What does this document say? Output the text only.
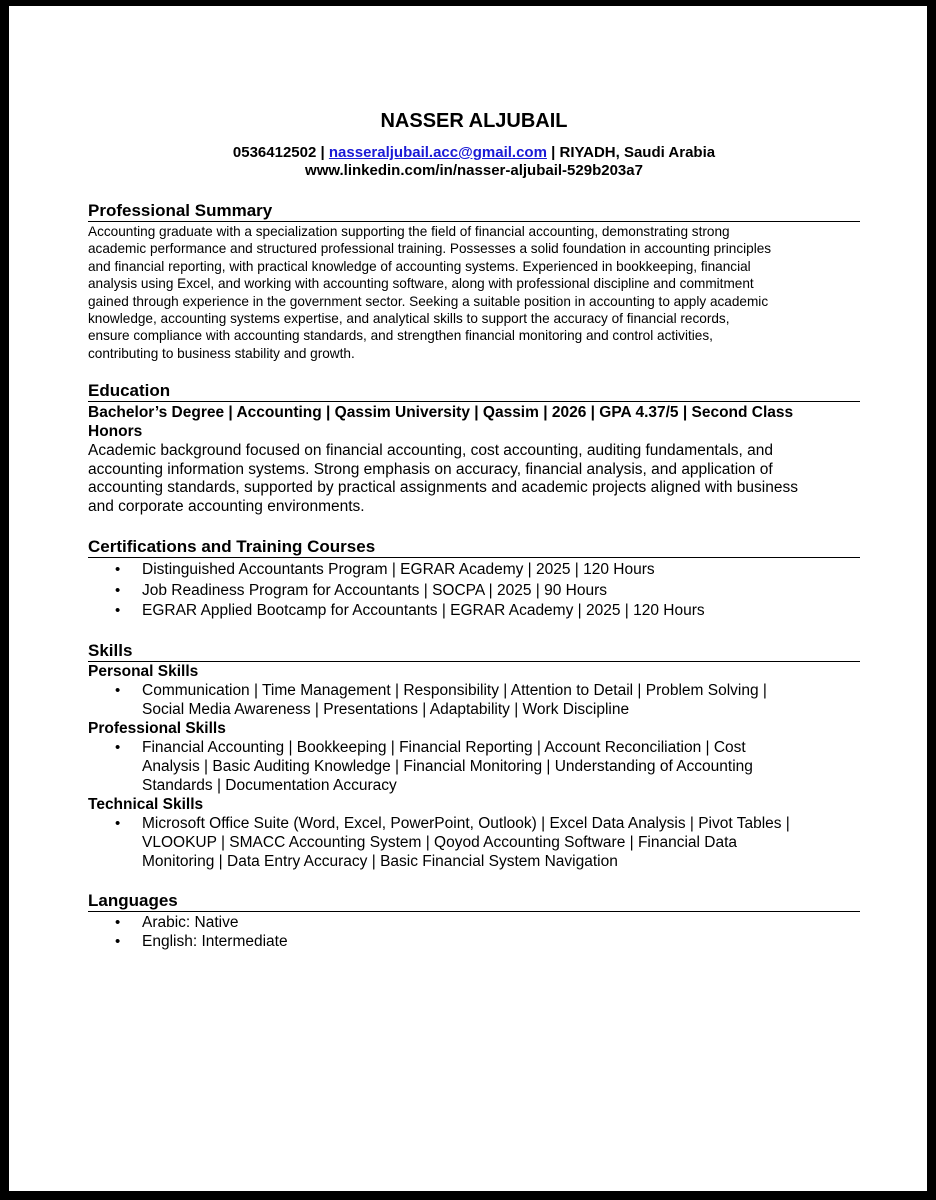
NASSER ALJUBAIL
0536412502 | nasseraljubail.acc@gmail.com | RIYADH, Saudi Arabia
www.linkedin.com/in/nasser-aljubail-529b203a7
Professional Summary
Accounting graduate with a specialization supporting the field of financial accounting, demonstrating strong
academic performance and structured professional training. Possesses a solid foundation in accounting principles
and financial reporting, with practical knowledge of accounting systems. Experienced in bookkeeping, financial
analysis using Excel, and working with accounting software, along with professional discipline and commitment
gained through experience in the government sector. Seeking a suitable position in accounting to apply academic
knowledge, accounting systems expertise, and analytical skills to support the accuracy of financial records,
ensure compliance with accounting standards, and strengthen financial monitoring and control activities,
contributing to business stability and growth.
Education
Bachelor’s Degree | Accounting | Qassim University | Qassim | 2026 | GPA 4.37/5 | Second Class
Honors
Academic background focused on financial accounting, cost accounting, auditing fundamentals, and
accounting information systems. Strong emphasis on accuracy, financial analysis, and application of
accounting standards, supported by practical assignments and academic projects aligned with business
and corporate accounting environments.
Certifications and Training Courses
• Distinguished Accountants Program | EGRAR Academy | 2025 | 120 Hours
• Job Readiness Program for Accountants | SOCPA | 2025 | 90 Hours
• EGRAR Applied Bootcamp for Accountants | EGRAR Academy | 2025 | 120 Hours
Skills
Personal Skills
• Communication | Time Management | Responsibility | Attention to Detail | Problem Solving |
Social Media Awareness | Presentations | Adaptability | Work Discipline
Professional Skills
• Financial Accounting | Bookkeeping | Financial Reporting | Account Reconciliation | Cost
Analysis | Basic Auditing Knowledge | Financial Monitoring | Understanding of Accounting
Standards | Documentation Accuracy
Technical Skills
• Microsoft Office Suite (Word, Excel, PowerPoint, Outlook) | Excel Data Analysis | Pivot Tables |
VLOOKUP | SMACC Accounting System | Qoyod Accounting Software | Financial Data
Monitoring | Data Entry Accuracy | Basic Financial System Navigation
Languages
• Arabic: Native
• English: Intermediate
